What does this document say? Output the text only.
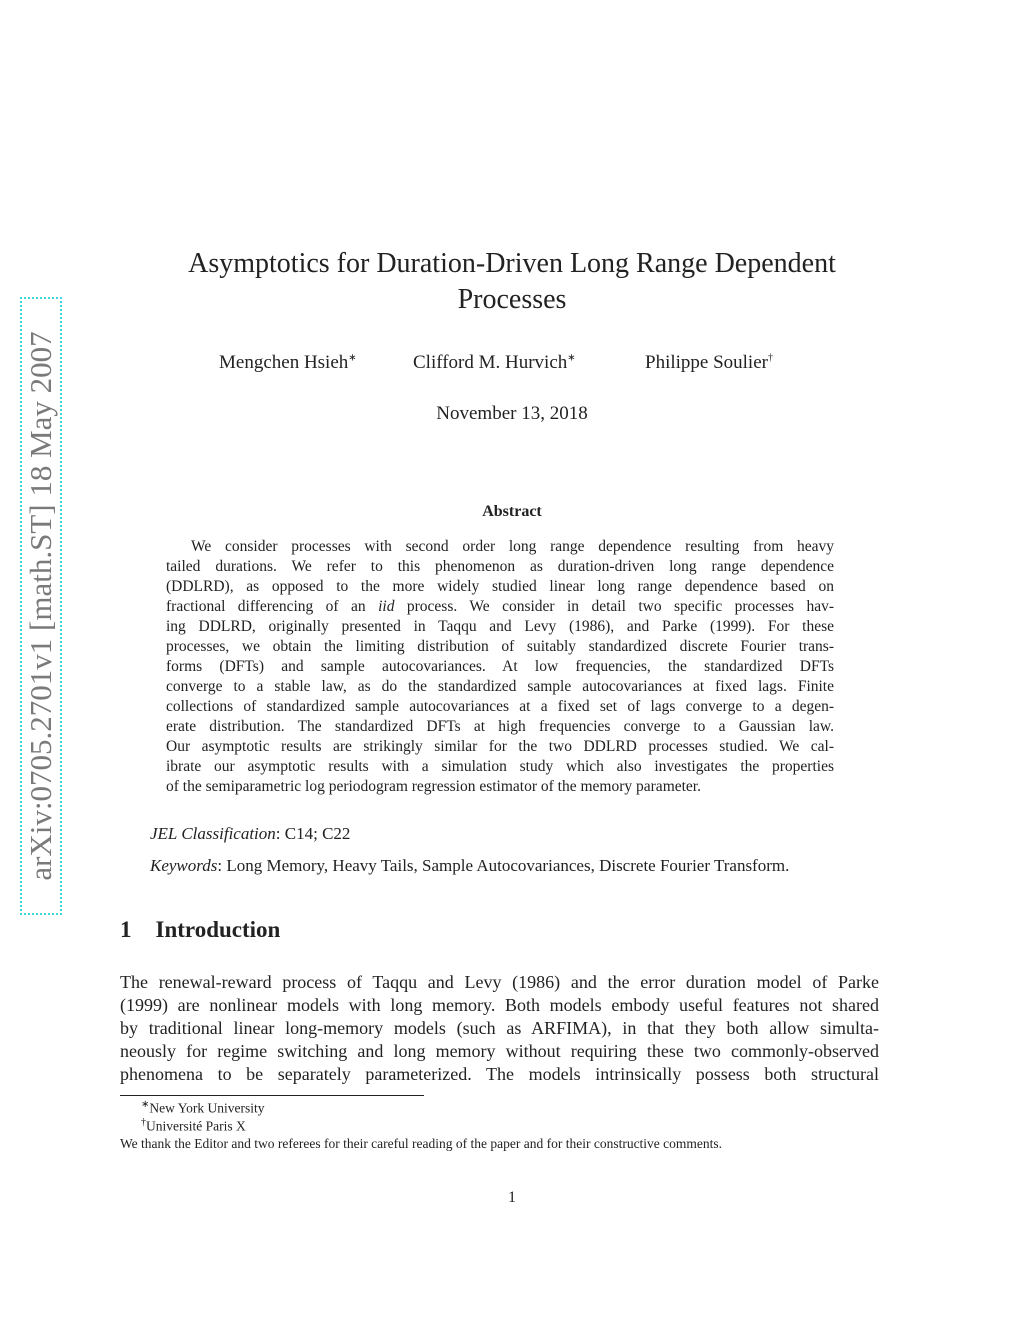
arXiv:0705.2701v1 [math.ST] 18 May 2007
Asymptotics for Duration-Driven Long Range Dependent
Processes
Mengchen Hsieh∗	Clifford M. Hurvich∗	Philippe Soulier†
November 13, 2018
Abstract
We consider processes with second order long range dependence resulting from heavy
tailed durations. We refer to this phenomenon as duration-driven long range dependence
(DDLRD), as opposed to the more widely studied linear long range dependence based on
fractional differencing of an iid process. We consider in detail two specific processes hav-
ing DDLRD, originally presented in Taqqu and Levy (1986), and Parke (1999). For these
processes, we obtain the limiting distribution of suitably standardized discrete Fourier trans-
forms (DFTs) and sample autocovariances. At low frequencies, the standardized DFTs
converge to a stable law, as do the standardized sample autocovariances at fixed lags. Finite
collections of standardized sample autocovariances at a fixed set of lags converge to a degen-
erate distribution. The standardized DFTs at high frequencies converge to a Gaussian law.
Our asymptotic results are strikingly similar for the two DDLRD processes studied. We cal-
ibrate our asymptotic results with a simulation study which also investigates the properties
of the semiparametric log periodogram regression estimator of the memory parameter.
JEL Classification: C14; C22
Keywords: Long Memory, Heavy Tails, Sample Autocovariances, Discrete Fourier Transform.
1 Introduction
The renewal-reward process of Taqqu and Levy (1986) and the error duration model of Parke
(1999) are nonlinear models with long memory. Both models embody useful features not shared
by traditional linear long-memory models (such as ARFIMA), in that they both allow simulta-
neously for regime switching and long memory without requiring these two commonly-observed
phenomena to be separately parameterized. The models intrinsically possess both structural
∗New York University
†Université Paris X
We thank the Editor and two referees for their careful reading of the paper and for their constructive comments.
1
